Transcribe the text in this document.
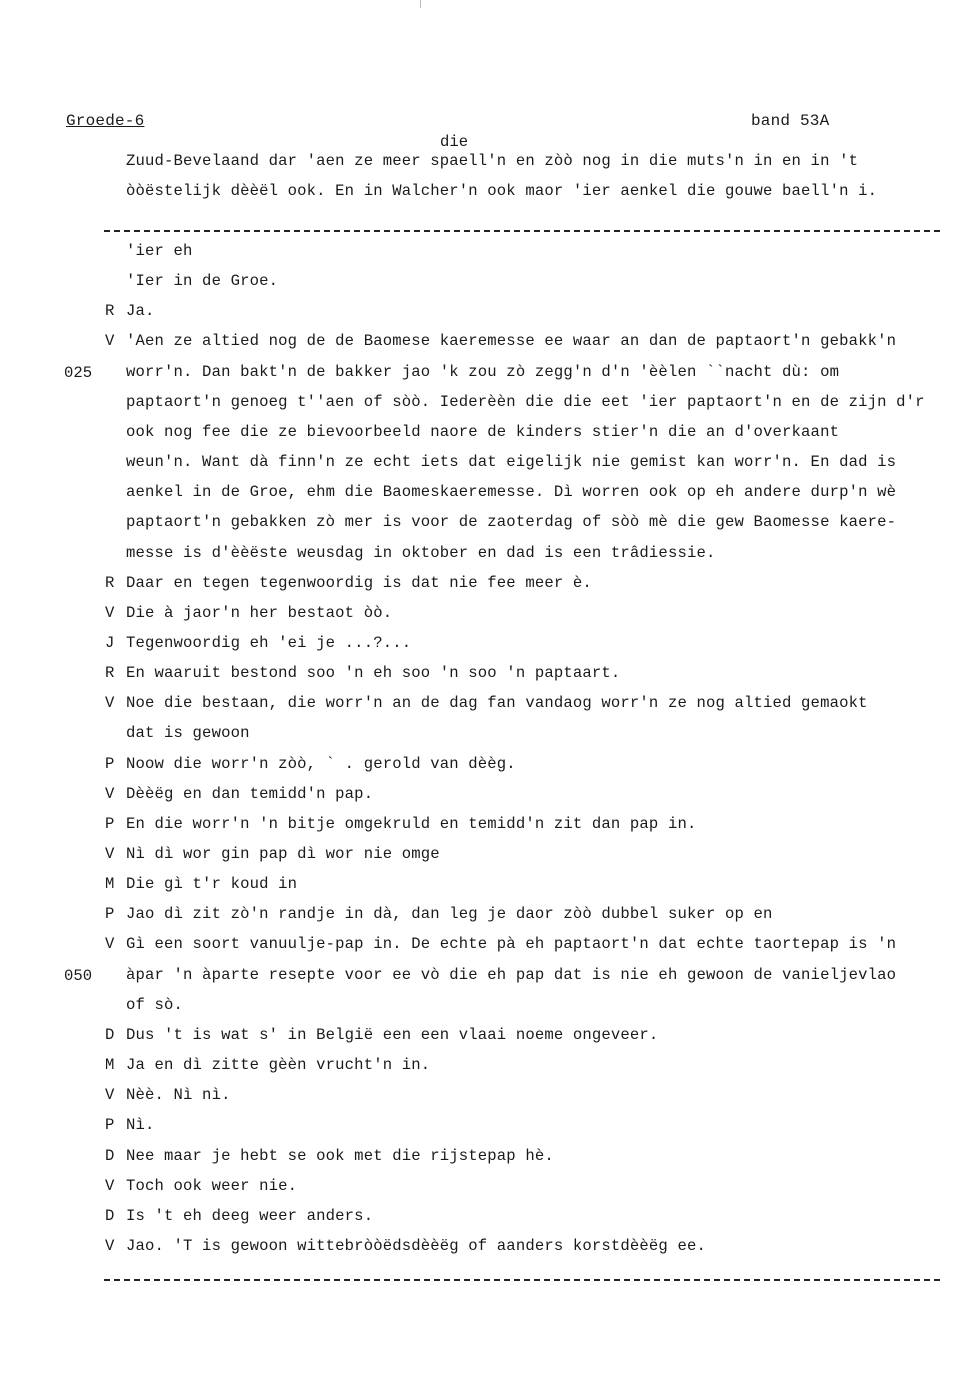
Groede-6	band 53A
die
Zuud-Bevelaand dar 'aen ze meer spaell'n en zòò nog in die muts'n in en in 't
òòëstelijk dèèël ook. En in Walcher'n ook maor 'ier aenkel die gouwe baell'n i.
'ier eh
'Ier in de Groe.
R Ja.
V 'Aen ze altied nog de de Baomese kaeremesse ee waar an dan de paptaort'n gebakk'n
025 worr'n. Dan bakt'n de bakker jao 'k zou zò zegg'n d'n 'èèlen ``nacht dù: om
paptaort'n genoeg t''aen of sòò. Iederèèn die die eet 'ier paptaort'n en de zijn d'r
ook nog fee die ze bievoorbeeld naore de kinders stier'n die an d'overkaant
weun'n. Want dà finn'n ze echt iets dat eigelijk nie gemist kan worr'n. En dad is
aenkel in de Groe, ehm die Baomeskaeremesse. Dì worren ook op eh andere durp'n wè
paptaort'n gebakken zò mer is voor de zaoterdag of sòò mè die gew Baomesse kaere-
messe is d'èèëste weusdag in oktober en dad is een trâdiessie.
R Daar en tegen tegenwoordig is dat nie fee meer è.
V Die à jaor'n her bestaot òò.
J Tegenwoordig eh 'ei je ...?...
R En waaruit bestond soo 'n eh soo 'n soo 'n paptaart.
V Noe die bestaan, die worr'n an de dag fan vandaog worr'n ze nog altied gemaokt
dat is gewoon
P Noow die worr'n zòò, ` . gerold van dèèg.
V Dèèëg en dan temidd'n pap.
P En die worr'n 'n bitje omgekruld en temidd'n zit dan pap in.
V Nì dì wor gin pap dì wor nie omge
M Die gì t'r koud in
P Jao dì zit zò'n randje in dà, dan leg je daor zòò dubbel suker op en
V Gì een soort vanuulje-pap in. De echte pà eh paptaort'n dat echte taortepap is 'n
050 àpar 'n àparte resepte voor ee vò die eh pap dat is nie eh gewoon de vanieljevlao
of sò.
D Dus 't is wat s' in België een een vlaai noeme ongeveer.
M Ja en dì zitte gèèn vrucht'n in.
V Nèè. Nì nì.
P Nì.
D Nee maar je hebt se ook met die rijstepap hè.
V Toch ook weer nie.
D Is 't eh deeg weer anders.
V Jao. 'T is gewoon wittebròòëdsdèèëg of aanders korstdèèëg ee.
